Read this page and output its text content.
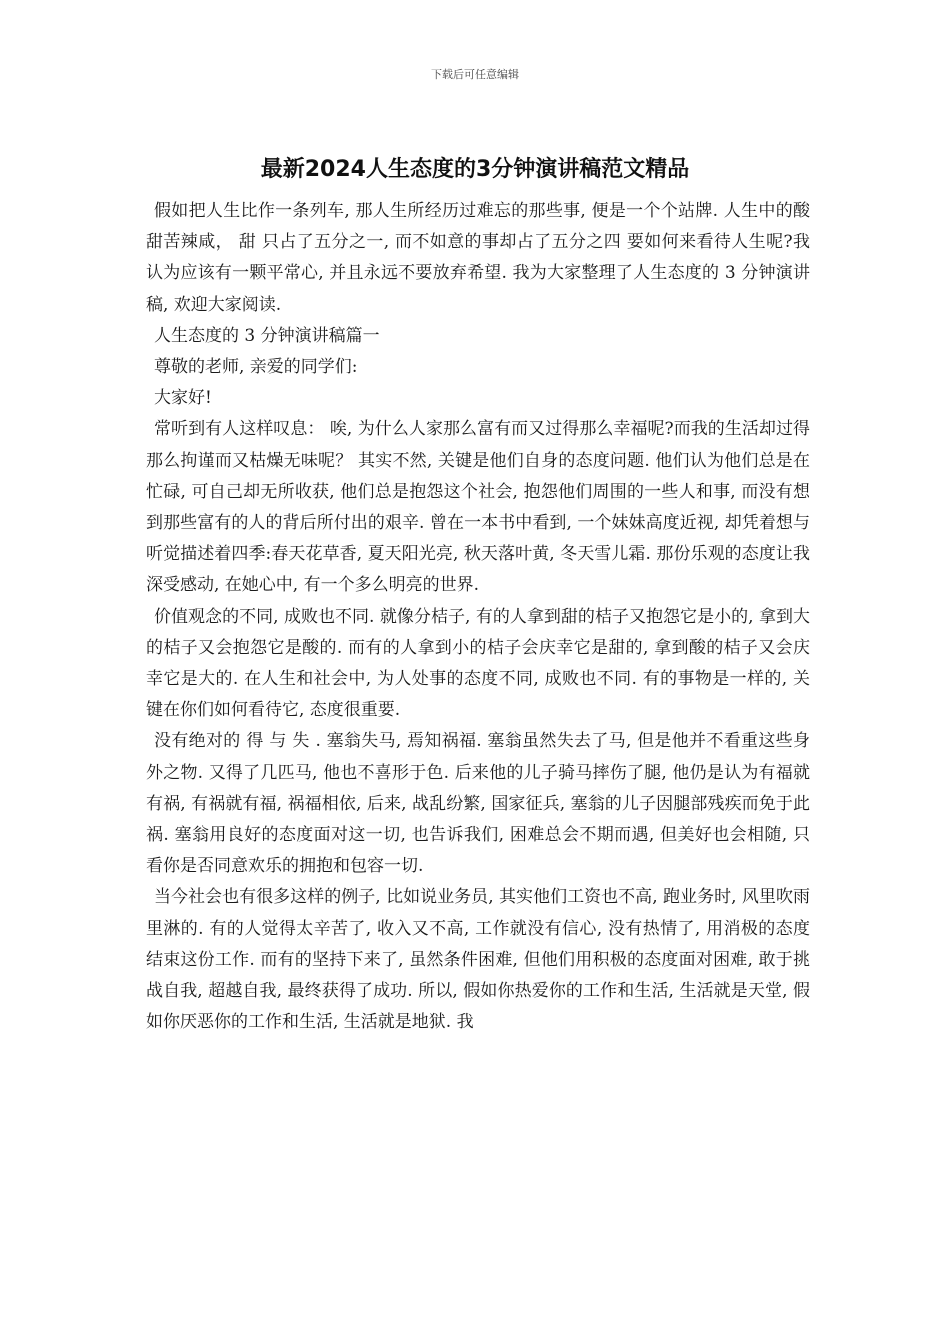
下载后可任意编辑
最新2024人生态度的3分钟演讲稿范文精品

假如把人生比作一条列车, 那人生所经历过难忘的那些事, 便是一个个站牌. 人生中的酸甜苦辣咸， 甜 只占了五分之一, 而不如意的事却占了五分之四 要如何来看待人生呢?我认为应该有一颗平常心, 并且永远不要放弃希望. 我为大家整理了人生态度的 3 分钟演讲稿, 欢迎大家阅读.

人生态度的 3 分钟演讲稿篇一

尊敬的老师, 亲爱的同学们:

大家好!

常听到有人这样叹息： 唉, 为什么人家那么富有而又过得那么幸福呢?而我的生活却过得那么拘谨而又枯燥无味呢？ 其实不然, 关键是他们自身的态度问题. 他们认为他们总是在忙碌, 可自己却无所收获, 他们总是抱怨这个社会, 抱怨他们周围的一些人和事, 而没有想到那些富有的人的背后所付出的艰辛. 曾在一本书中看到, 一个妹妹高度近视, 却凭着想与听觉描述着四季:春天花草香, 夏天阳光亮, 秋天落叶黄, 冬天雪儿霜. 那份乐观的态度让我深受感动, 在她心中, 有一个多么明亮的世界.

价值观念的不同, 成败也不同. 就像分桔子, 有的人拿到甜的桔子又抱怨它是小的, 拿到大的桔子又会抱怨它是酸的. 而有的人拿到小的桔子会庆幸它是甜的, 拿到酸的桔子又会庆幸它是大的. 在人生和社会中, 为人处事的态度不同, 成败也不同. 有的事物是一样的, 关键在你们如何看待它, 态度很重要.

没有绝对的 得 与 失 . 塞翁失马, 焉知祸福. 塞翁虽然失去了马, 但是他并不看重这些身外之物. 又得了几匹马, 他也不喜形于色. 后来他的儿子骑马摔伤了腿, 他仍是认为有福就有祸, 有祸就有福, 祸福相依, 后来, 战乱纷繁, 国家征兵, 塞翁的儿子因腿部残疾而免于此祸. 塞翁用良好的态度面对这一切, 也告诉我们, 困难总会不期而遇, 但美好也会相随, 只看你是否同意欢乐的拥抱和包容一切.

当今社会也有很多这样的例子, 比如说业务员, 其实他们工资也不高, 跑业务时, 风里吹雨里淋的. 有的人觉得太辛苦了, 收入又不高, 工作就没有信心, 没有热情了, 用消极的态度结束这份工作. 而有的坚持下来了, 虽然条件困难, 但他们用积极的态度面对困难, 敢于挑战自我, 超越自我, 最终获得了成功. 所以, 假如你热爱你的工作和生活, 生活就是天堂, 假如你厌恶你的工作和生活, 生活就是地狱. 我
